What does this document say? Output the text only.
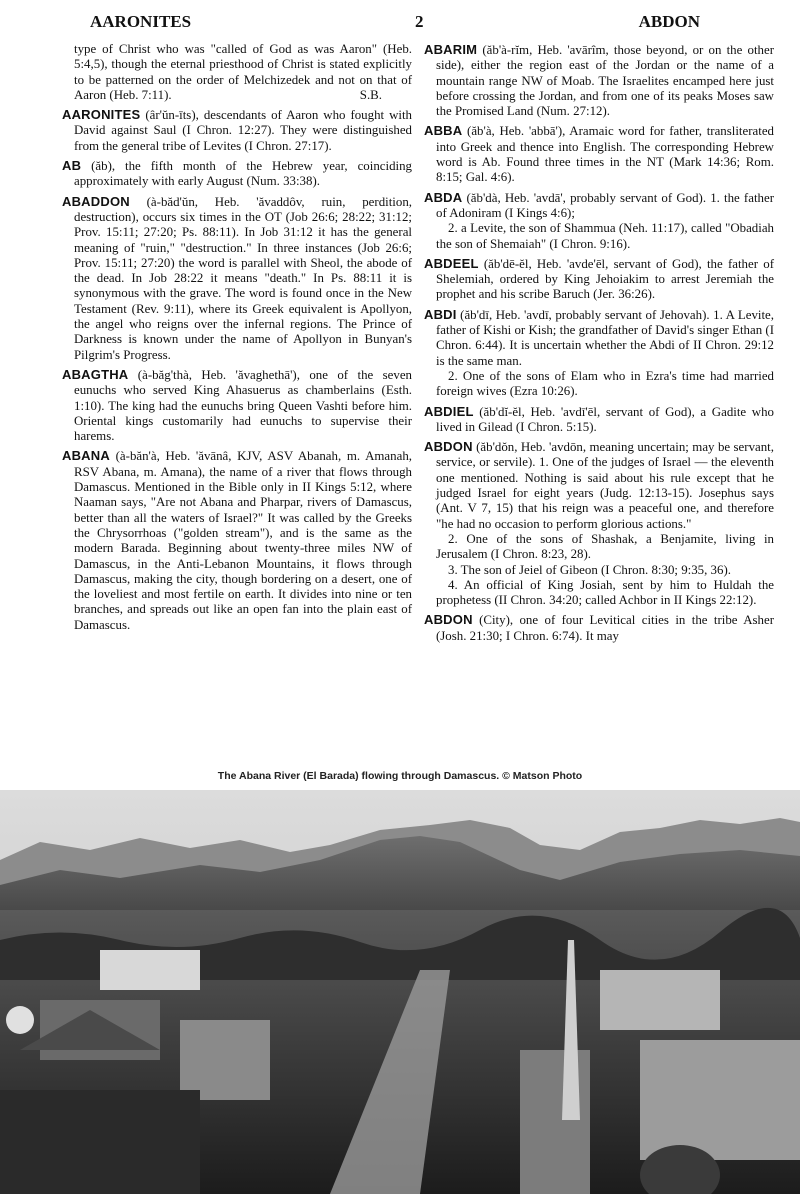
AARONITES	2	ABDON
type of Christ who was "called of God as was Aaron" (Heb. 5:4,5), though the eternal priesthood of Christ is stated explicitly to be patterned on the order of Melchizedek and not on that of Aaron (Heb. 7:11).	S.B.
AARONITES (âr'ŭn-īts), descendants of Aaron who fought with David against Saul (I Chron. 12:27). They were distinguished from the general tribe of Levites (I Chron. 27:17).
AB (ăb), the fifth month of the Hebrew year, coinciding approximately with early August (Num. 33:38).
ABADDON (à-băd'ŭn, Heb. 'ăvaddôv, ruin, perdition, destruction), occurs six times in the OT (Job 26:6; 28:22; 31:12; Prov. 15:11; 27:20; Ps. 88:11). In Job 31:12 it has the general meaning of "ruin," "destruction." In three instances (Job 26:6; Prov. 15:11; 27:20) the word is parallel with Sheol, the abode of the dead. In Job 28:22 it means "death." In Ps. 88:11 it is synonymous with the grave. The word is found once in the New Testament (Rev. 9:11), where its Greek equivalent is Apollyon, the angel who reigns over the infernal regions. The Prince of Darkness is known under the name of Apollyon in Bunyan's Pilgrim's Progress.
ABAGTHA (à-băg'thà, Heb. 'ăvaghethā'), one of the seven eunuchs who served King Ahasuerus as chamberlains (Esth. 1:10). The king had the eunuchs bring Queen Vashti before him. Oriental kings customarily had eunuchs to supervise their harems.
ABANA (à-băn'à, Heb. 'ăvānâ, KJV, ASV Abanah, m. Amanah, RSV Abana, m. Amana), the name of a river that flows through Damascus. Mentioned in the Bible only in II Kings 5:12, where Naaman says, "Are not Abana and Pharpar, rivers of Damascus, better than all the waters of Israel?" It was called by the Greeks the Chrysorrhoas ("golden stream"), and is the same as the modern Barada. Beginning about twenty-three miles NW of Damascus, in the Anti-Lebanon Mountains, it flows through Damascus, making the city, though bordering on a desert, one of the loveliest and most fertile on earth. It divides into nine or ten branches, and spreads out like an open fan into the plain east of Damascus.
ABARIM (ăb'à-rĭm, Heb. 'avārîm, those beyond, or on the other side), either the region east of the Jordan or the name of a mountain range NW of Moab. The Israelites encamped here just before crossing the Jordan, and from one of its peaks Moses saw the Promised Land (Num. 27:12).
ABBA (ăb'à, Heb. 'abbā'), Aramaic word for father, transliterated into Greek and thence into English. The corresponding Hebrew word is Ab. Found three times in the NT (Mark 14:36; Rom. 8:15; Gal. 4:6).
ABDA (ăb'dà, Heb. 'avdā', probably servant of God). 1. the father of Adoniram (I Kings 4:6);
2. a Levite, the son of Shammua (Neh. 11:17), called "Obadiah the son of Shemaiah" (I Chron. 9:16).
ABDEEL (ăb'dē-ĕl, Heb. 'avde'ēl, servant of God), the father of Shelemiah, ordered by King Jehoiakim to arrest Jeremiah the prophet and his scribe Baruch (Jer. 36:26).
ABDI (ăb'dī, Heb. 'avdī, probably servant of Jehovah). 1. A Levite, father of Kishi or Kish; the grandfather of David's singer Ethan (I Chron. 6:44). It is uncertain whether the Abdi of II Chron. 29:12 is the same man.
2. One of the sons of Elam who in Ezra's time had married foreign wives (Ezra 10:26).
ABDIEL (ăb'dĭ-ĕl, Heb. 'avdī'ēl, servant of God), a Gadite who lived in Gilead (I Chron. 5:15).
ABDON (ăb'dŏn, Heb. 'avdōn, meaning uncertain; may be servant, service, or servile). 1. One of the judges of Israel — the eleventh one mentioned. Nothing is said about his rule except that he judged Israel for eight years (Judg. 12:13-15). Josephus says (Ant. V 7, 15) that his reign was a peaceful one, and therefore "he had no occasion to perform glorious actions."
2. One of the sons of Shashak, a Benjamite, living in Jerusalem (I Chron. 8:23, 28).
3. The son of Jeiel of Gibeon (I Chron. 8:30; 9:35, 36).
4. An official of King Josiah, sent by him to Huldah the prophetess (II Chron. 34:20; called Achbor in II Kings 22:12).
ABDON (City), one of four Levitical cities in the tribe Asher (Josh. 21:30; I Chron. 6:74). It may
The Abana River (El Barada) flowing through Damascus. © Matson Photo
